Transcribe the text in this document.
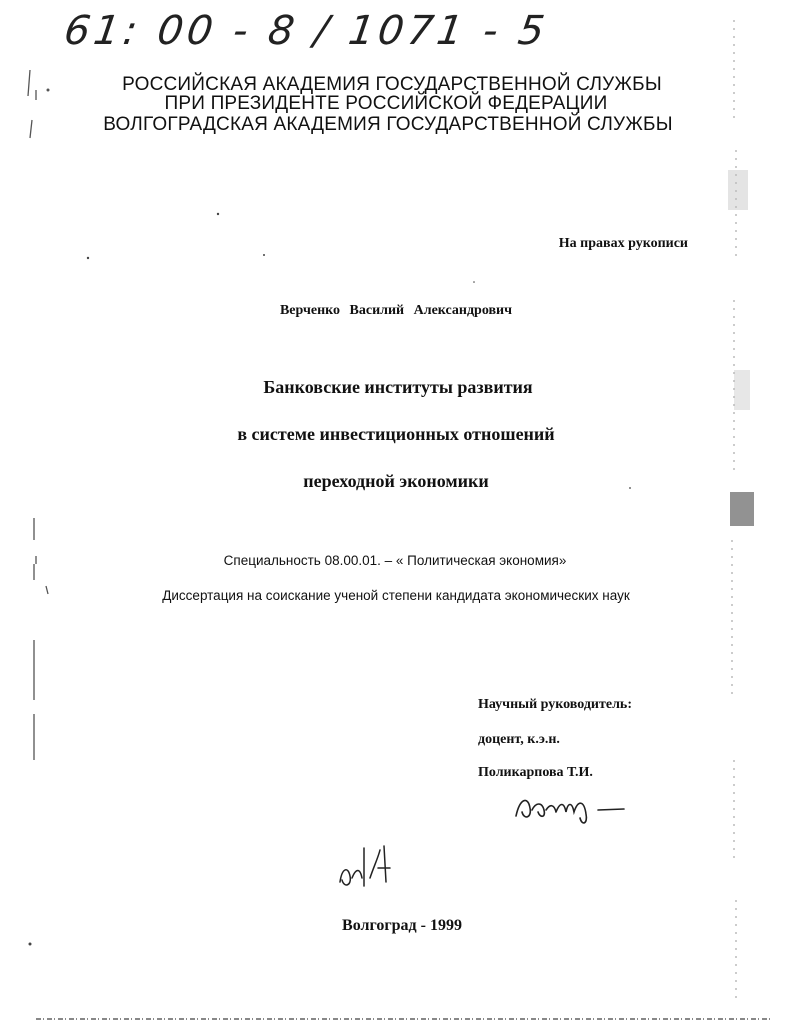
61: 00 - 8 / 1071 - 5
РОССИЙСКАЯ АКАДЕМИЯ ГОСУДАРСТВЕННОЙ СЛУЖБЫ
ПРИ ПРЕЗИДЕНТЕ РОССИЙСКОЙ ФЕДЕРАЦИИ
ВОЛГОГРАДСКАЯ АКАДЕМИЯ ГОСУДАРСТВЕННОЙ СЛУЖБЫ
На правах рукописи
Верченко Василий Александрович
Банковские институты развития
в системе инвестиционных отношений
переходной экономики
Специальность 08.00.01. – « Политическая экономия»
Диссертация на соискание ученой степени кандидата экономических наук
Научный руководитель:
доцент, к.э.н.
Поликарпова Т.И.
Волгоград - 1999
